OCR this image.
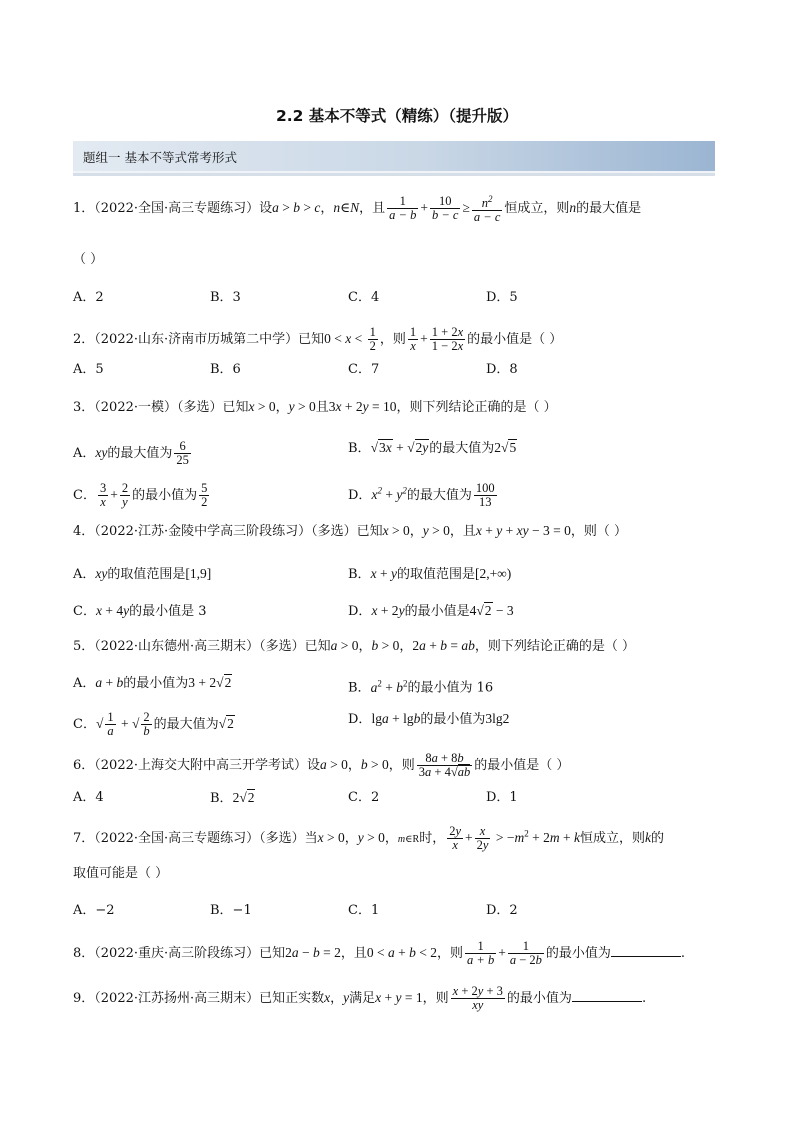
2.2 基本不等式（精练）（提升版）
题组一 基本不等式常考形式
1．（2022·全国·高三专题练习）设a > b > c，n∈N，且 $\frac{1}{a - b} + \frac{10}{b - c} \ge \frac{n^2}{a - c}$ 恒成立，则n的最大值是
（ ）
A．2	B．3	C．4	D．5
2．（2022·山东·济南市历城第二中学）已知$0 < x < \frac{1}{2}$ ，则 $\frac{1}{x} + \frac{1 + 2x}{1 - 2x}$ 的最小值是（ ）
A．5	B．6	C．7	D．8
3．（2022·一模）（多选）已知x > 0，y > 0且3x + 2y = 10，则下列结论正确的是（ ）
A．xy的最大值为 $\frac{6}{25}$	B．√3x + √2y的最大值为2√5
C． $\frac{3}{x} + \frac{2}{y}$ 的最小值为 $\frac{5}{2}$	D．$x^2 + y^2$的最大值为 $\frac{100}{13}$
4．（2022·江苏·金陵中学高三阶段练习）（多选）已知x > 0，y > 0，且x + y + xy − 3 = 0，则（ ）
A．xy的取值范围是[1,9]	B．x + y的取值范围是[2,+∞)
C．x + 4y的最小值是 3	D．x + 2y的最小值是4√2 − 3
5．（2022·山东德州·高三期末）（多选）已知a > 0，b > 0，2a + b = ab，则下列结论正确的是（ ）
A．a + b的最小值为3 + 2√2	B．$a^2 + b^2$的最小值为 16
C．√ $\frac{1}{a}$ + √ $\frac{2}{b}$ 的最大值为√2	D．lga + lgb的最小值为3lg2
6．（2022·上海交大附中高三开学考试）设a > 0，b > 0，则 $\frac{8a + 8b}{3a + 4√ab}$ 的最小值是（ ）
A．4	B．2√2	C．2	D．1
7．（2022·全国·高三专题练习）（多选）当x > 0，y > 0，m∈R时， $\frac{2y}{x} + \frac{x}{2y} > -m^2 + 2m + k$恒成立，则k的
取值可能是（ ）
A．−2	B．−1	C．1	D．2
8．（2022·重庆·高三阶段练习）已知2a − b = 2，且0 < a + b < 2，则 $\frac{1}{a + b} + \frac{1}{a - 2b}$ 的最小值为	.
9．（2022·江苏扬州·高三期末）已知正实数x，y满足x + y = 1，则 $\frac{x + 2y + 3}{xy}$ 的最小值为	.
